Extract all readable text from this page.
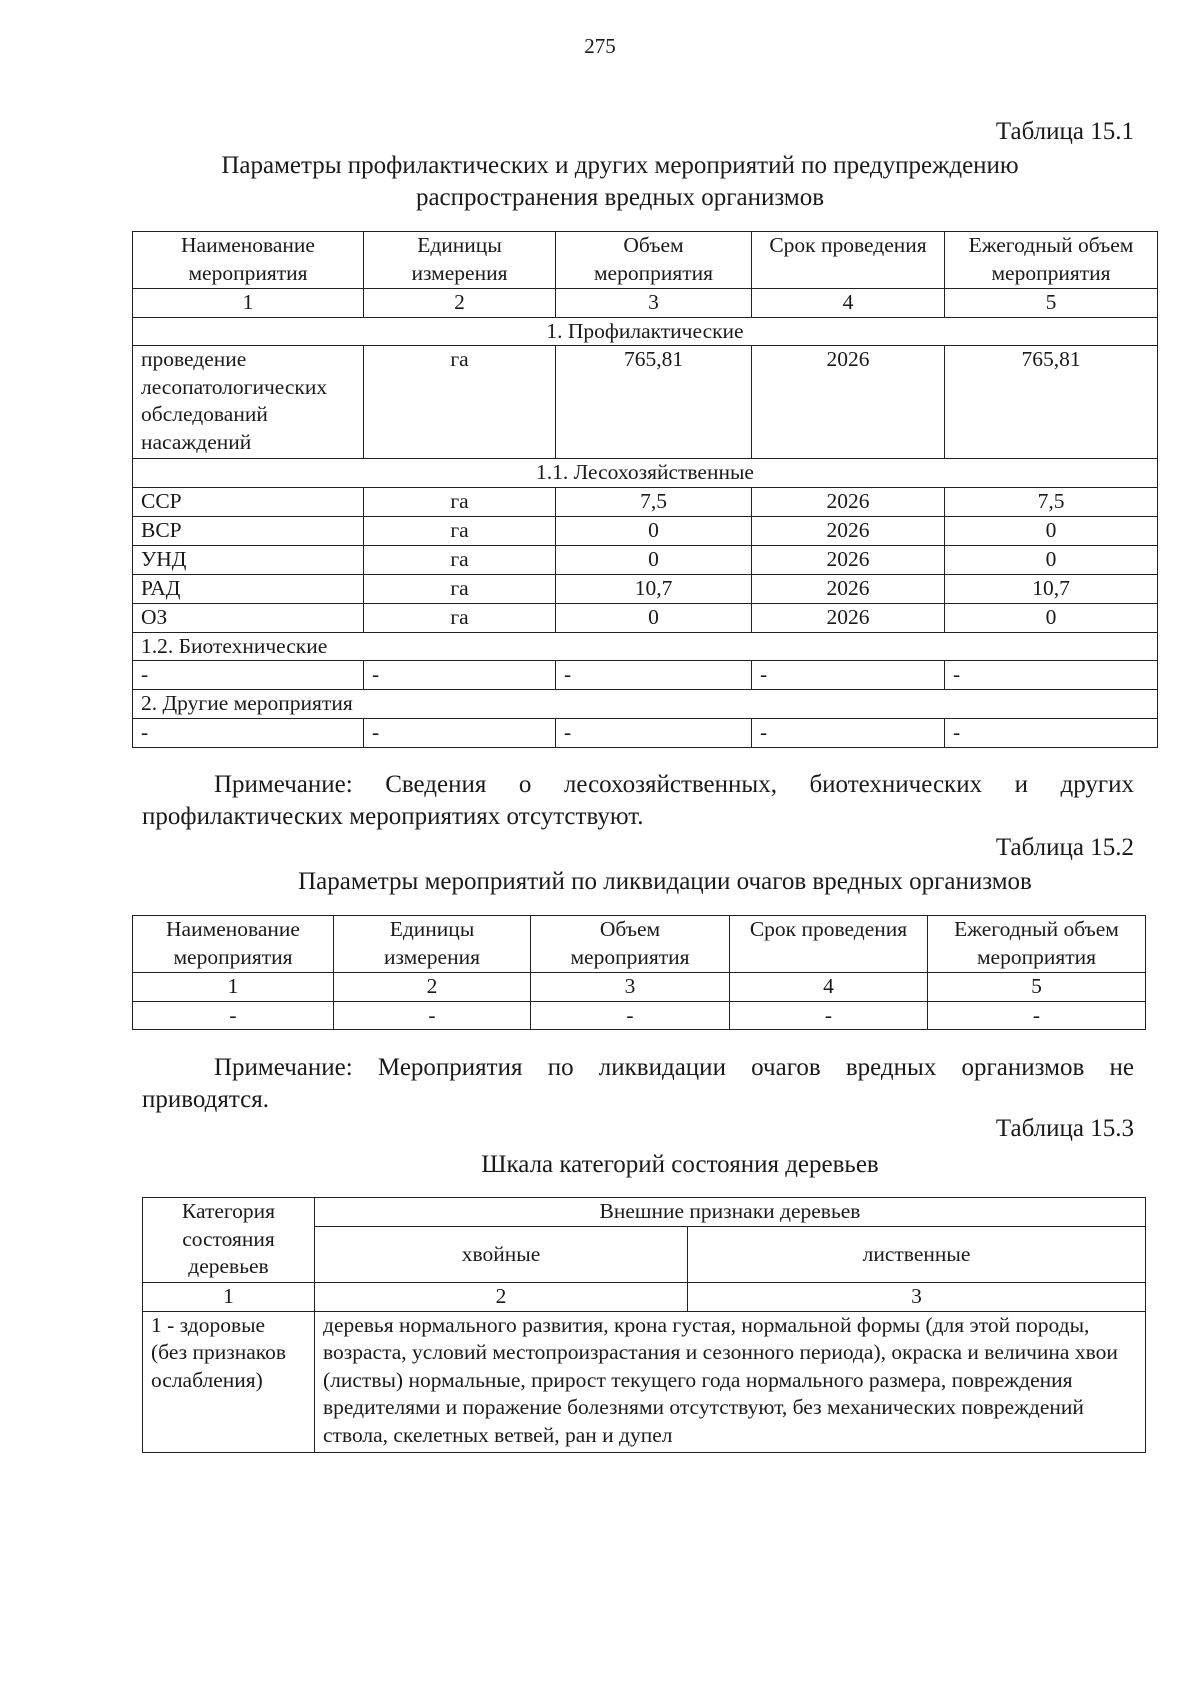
275
Таблица 15.1
Параметры профилактических и других мероприятий по предупреждению
распространения вредных организмов
Наименование мероприятия	Единицы измерения	Объем мероприятия	Срок проведения	Ежегодный объем мероприятия
1	2	3	4	5
1. Профилактические				
проведение лесопатологических обследований насаждений	га	765,81	2026	765,81
1.1. Лесохозяйственные				
ССР	га	7,5	2026	7,5
ВСР	га	0	2026	0
УНД	га	0	2026	0
РАД	га	10,7	2026	10,7
ОЗ	га	0	2026	0
1.2. Биотехнические				
-	-	-	-	-
2. Другие мероприятия				
-	-	-	-	-
Примечание: Сведения о лесохозяйственных, биотехнических и других профилактических мероприятиях отсутствуют.
Таблица 15.2
Параметры мероприятий по ликвидации очагов вредных организмов
Наименование мероприятия	Единицы измерения	Объем мероприятия	Срок проведения	Ежегодный объем мероприятия
1	2	3	4	5
-	-	-	-	-
Примечание: Мероприятия по ликвидации очагов вредных организмов не приводятся.
Таблица 15.3
Шкала категорий состояния деревьев
Категория состояния деревьев	Внешние признаки деревьев	
	хвойные	лиственные
1	2	3
1 - здоровые (без признаков ослабления)	деревья нормального развития, крона густая, нормальной формы (для этой породы, возраста, условий местопроизрастания и сезонного периода), окраска и величина хвои (листвы) нормальные, прирост текущего года нормального размера, повреждения вредителями и поражение болезнями отсутствуют, без механических повреждений ствола, скелетных ветвей, ран и дупел	
